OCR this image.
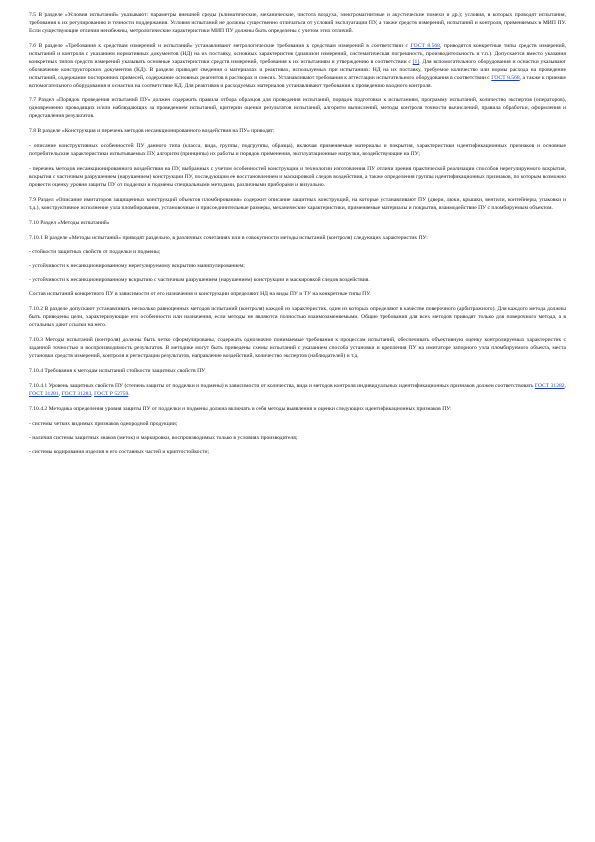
7.5 В разделе «Условия испытаний» указывают: параметры внешней среды (климатические, механические, чистота воздуха, электромагнитные и акустические помехи и др.); условия, в которых проводят испытания, требования к их регулированию и точности поддержания. Условия испытаний не должны существенно отличаться от условий эксплуатации ПУ, а также средств измерений, испытаний и контроля, применяемых в МИП ПУ. Если существующие отличия неизбежны, метрологические характеристики МИП ПУ должны быть определены с учетом этих отличий.

7.6 В разделе «Требования к средствам измерений и испытаний» устанавливают метрологические требования к средствам измерений в соответствии с ГОСТ 8.568, приводятся конкретные типы средств измерений, испытаний и контроля с указанием нормативных документов (НД) на их поставку, основных характеристик (диапазон измерений, систематическая погрешность, производительность и т.п.). Допускается вместо указания конкретных типов средств измерений указывать основные характеристики средств измерений, требования к их испытаниям и утверждению в соответствии с [1]. Для вспомогательного оборудования и оснастки указывают обозначение конструкторских документов (КД). В разделе приводят сведения о материалах и реактивах, используемых при испытаниях: НД на их поставку, требуемое количество или нормы расхода на проведение испытаний, содержание посторонних примесей, содержание основных реагентов в растворах и смесях. Устанавливают требования к аттестации испытательного оборудования в соответствии с ГОСТ 8.568, а также к приемке вспомогательного оборудования и оснастки на соответствие КД. Для реактивов и расходуемых материалов устанавливают требования к проведению входного контроля.

7.7 Раздел «Порядок проведения испытаний ПУ» должен содержать правила отбора образцов для проведения испытаний, порядок подготовки к испытаниям, программу испытаний, количество экспертов (операторов), одновременно проводящих и/или наблюдающих за проведением испытаний, критерии оценки результатов испытаний, алгоритм вычислений, методы контроля точности вычислений, правила обработки, оформления и представления результатов.

7.8 В разделе «Конструкция и перечень методов несанкционированного воздействия на ПУ» приводят:

- описание конструктивных особенностей ПУ данного типа (класса, вида, группы, подгруппы, образца), включая применяемые материалы и покрытия, характеристики идентификационных признаков и основные потребительские характеристики испытываемых ПУ, алгоритм (принципы) их работы и порядок применения, эксплуатационные нагрузки, воздействующие на ПУ;

- перечень методов несанкционированного воздействия на ПУ, выбранных с учетом особенностей конструкции и технологии изготовления ПУ отличи зрения практической реализации способов нерегулируемого вскрытия, вскрытия с частичным разрушением (нарушением) конструкции ПУ, последующим ее восстановлением и маскировкой следов воздействия, а также определения группы идентификационных признаков, по которым возможно провести оценку уровня защиты ПУ от подделки и подмены специальными методами, различными приборами и визуально.

7.9 Раздел «Описание имитаторов защищенных конструкций объектов пломбирования» содержит описание защитных конструкций, на которые устанавливают ПУ (двери, люки, крышки, вентили, контейнеры, упаковки и т.д.), конструктивное исполнение узла пломбирования, установочные и присоединительные размеры, механические характеристики, применяемые материалы и покрытия, взаимодействие ПУ с пломбируемым объектом.

7.10 Раздел «Методы испытаний»

7.10.1 В разделе «Методы испытаний» приводят раздельно, в различных сочетаниях или в совокупности методы испытаний (контроля) следующих характеристик ПУ:

- стойкости защитных свойств от подделки и подмены;

- устойчивости к несанкционированному нерегулируемому вскрытию манипулированием;

- устойчивости к несанкционированному вскрытию с частичным разрушением (нарушением) конструкции и маскировкой следов воздействия.

Состав испытаний конкретного ПУ в зависимости от его назначения и конструкции определяют НД на виды ПУ и ТУ на конкретные типы ПУ.

7.10.2 В разделе допускают устанавливать несколько равноценных методов испытаний (контроля) каждой из характеристик, один из которых определяют в качестве поверочного (арбитражного). Для каждого метода должны быть приведены цели, характеризующие его особенности или назначения, если методы не являются полностью взаимозаменяемыми. Общие требования для всех методов приводят только для поверочного метода, а в остальных дают ссылки на него.

7.10.3 Методы испытаний (контроля) должны быть четко сформулированы, содержать однозначно понимаемые требования к процессам испытаний, обеспечивать объективную оценку контролируемых характеристик с заданной точностью и воспроизводимость результатов. В методике могут быть приведены схемы испытаний с указанием способа установки и крепления ПУ на имитаторе запорного узла пломбируемого объекта, места установки средств измерений, контроля и регистрации результатов, направление воздействий, количество экспертов (наблюдателей) и т.д.

7.10.4 Требования к методам испытаний стойкости защитных свойств ПУ

7.10.4.1 Уровень защитных свойств ПУ (степень защиты от подделки и подмены) в зависимости от количества, вида и методов контроля индивидуальных идентификационных признаков должен соответствовать ГОСТ 31282, ГОСТ 31281, ГОСТ 31283, ГОСТ Р 52759.

7.10.4.2 Методика определения уровня защиты ПУ от подделки и подмены должна включать в себя методы выявления и оценки следующих идентификационных признаков ПУ:

- системы четких видимых признаков однородной продукции;

- наличия системы защитных знаков (меток) и маркировки, воспроизводимых только в условиях производителя;

- системы кодирования изделия и его составных частей и криптостойкости;
